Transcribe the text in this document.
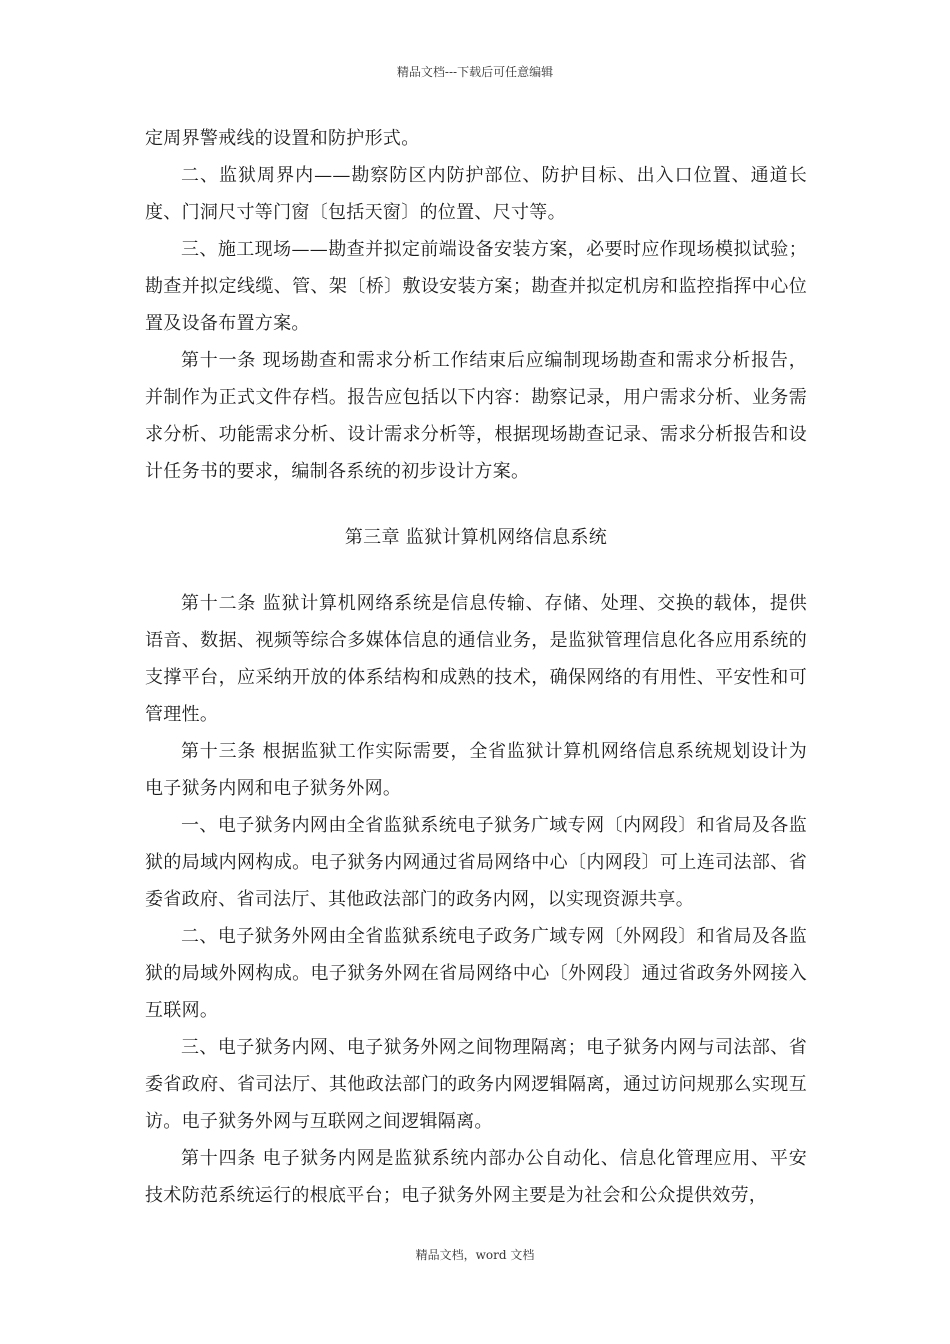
精品文档---下载后可任意编辑

定周界警戒线的设置和防护形式。

二、监狱周界内——勘察防区内防护部位、防护目标、出入口位置、通道长度、门洞尺寸等门窗〔包括天窗〕的位置、尺寸等。

三、施工现场——勘查并拟定前端设备安装方案，必要时应作现场模拟试验；勘查并拟定线缆、管、架〔桥〕敷设安装方案；勘查并拟定机房和监控指挥中心位置及设备布置方案。

第十一条 现场勘查和需求分析工作结束后应编制现场勘查和需求分析报告，并制作为正式文件存档。报告应包括以下内容：勘察记录，用户需求分析、业务需求分析、功能需求分析、设计需求分析等，根据现场勘查记录、需求分析报告和设计任务书的要求，编制各系统的初步设计方案。

第三章 监狱计算机网络信息系统

第十二条 监狱计算机网络系统是信息传输、存储、处理、交换的载体，提供语音、数据、视频等综合多媒体信息的通信业务，是监狱管理信息化各应用系统的支撑平台，应采纳开放的体系结构和成熟的技术，确保网络的有用性、平安性和可管理性。

第十三条 根据监狱工作实际需要，全省监狱计算机网络信息系统规划设计为电子狱务内网和电子狱务外网。

一、电子狱务内网由全省监狱系统电子狱务广域专网〔内网段〕和省局及各监狱的局域内网构成。电子狱务内网通过省局网络中心〔内网段〕可上连司法部、省委省政府、省司法厅、其他政法部门的政务内网，以实现资源共享。

二、电子狱务外网由全省监狱系统电子政务广域专网〔外网段〕和省局及各监狱的局域外网构成。电子狱务外网在省局网络中心〔外网段〕通过省政务外网接入互联网。

三、电子狱务内网、电子狱务外网之间物理隔离；电子狱务内网与司法部、省委省政府、省司法厅、其他政法部门的政务内网逻辑隔离，通过访问规那么实现互访。电子狱务外网与互联网之间逻辑隔离。

第十四条 电子狱务内网是监狱系统内部办公自动化、信息化管理应用、平安技术防范系统运行的根底平台；电子狱务外网主要是为社会和公众提供效劳，

精品文档，word 文档
